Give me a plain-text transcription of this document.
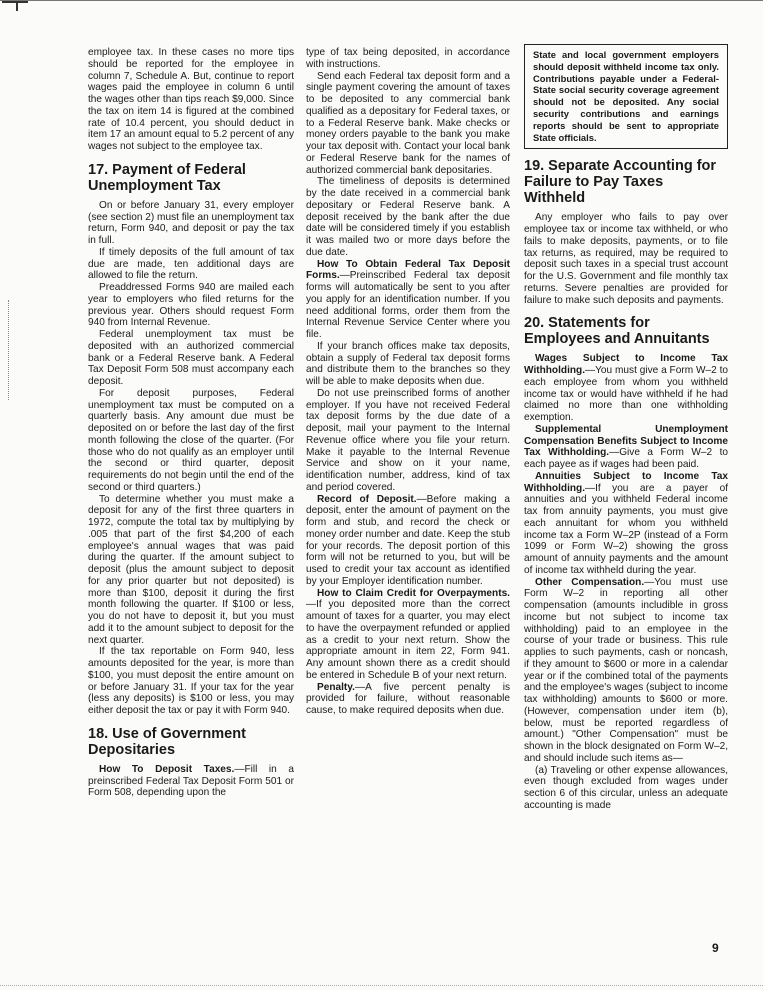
employee tax. In these cases no more tips should be reported for the employee in column 7, Schedule A. But, continue to report wages paid the employee in column 6 until the wages other than tips reach $9,000. Since the tax on item 14 is figured at the combined rate of 10.4 percent, you should deduct in item 17 an amount equal to 5.2 percent of any wages not subject to the employee tax.

17. Payment of Federal Unemployment Tax

On or before January 31, every employer (see section 2) must file an unemployment tax return, Form 940, and deposit or pay the tax in full.

If timely deposits of the full amount of tax due are made, ten additional days are allowed to file the return.

Preaddressed Forms 940 are mailed each year to employers who filed returns for the previous year. Others should request Form 940 from Internal Revenue.

Federal unemployment tax must be deposited with an authorized commercial bank or a Federal Reserve bank. A Federal Tax Deposit Form 508 must accompany each deposit.

For deposit purposes, Federal unemployment tax must be computed on a quarterly basis. Any amount due must be deposited on or before the last day of the first month following the close of the quarter. (For those who do not qualify as an employer until the second or third quarter, deposit requirements do not begin until the end of the second or third quarters.)

To determine whether you must make a deposit for any of the first three quarters in 1972, compute the total tax by multiplying by .005 that part of the first $4,200 of each employee's annual wages that was paid during the quarter. If the amount subject to deposit (plus the amount subject to deposit for any prior quarter but not deposited) is more than $100, deposit it during the first month following the quarter. If $100 or less, you do not have to deposit it, but you must add it to the amount subject to deposit for the next quarter.

If the tax reportable on Form 940, less amounts deposited for the year, is more than $100, you must deposit the entire amount on or before January 31. If your tax for the year (less any deposits) is $100 or less, you may either deposit the tax or pay it with Form 940.

18. Use of Government Depositaries

How To Deposit Taxes.—Fill in a preinscribed Federal Tax Deposit Form 501 or Form 508, depending upon the

type of tax being deposited, in accordance with instructions.

Send each Federal tax deposit form and a single payment covering the amount of taxes to be deposited to any commercial bank qualified as a depositary for Federal taxes, or to a Federal Reserve bank. Make checks or money orders payable to the bank you make your tax deposit with. Contact your local bank or Federal Reserve bank for the names of authorized commercial bank depositaries.

The timeliness of deposits is determined by the date received in a commercial bank depositary or Federal Reserve bank. A deposit received by the bank after the due date will be considered timely if you establish it was mailed two or more days before the due date.

How To Obtain Federal Tax Deposit Forms.—Preinscribed Federal tax deposit forms will automatically be sent to you after you apply for an identification number. If you need additional forms, order them from the Internal Revenue Service Center where you file.

If your branch offices make tax deposits, obtain a supply of Federal tax deposit forms and distribute them to the branches so they will be able to make deposits when due.

Do not use preinscribed forms of another employer. If you have not received Federal tax deposit forms by the due date of a deposit, mail your payment to the Internal Revenue office where you file your return. Make it payable to the Internal Revenue Service and show on it your name, identification number, address, kind of tax and period covered.

Record of Deposit.—Before making a deposit, enter the amount of payment on the form and stub, and record the check or money order number and date. Keep the stub for your records. The deposit portion of this form will not be returned to you, but will be used to credit your tax account as identified by your Employer identification number.

How to Claim Credit for Overpayments.—If you deposited more than the correct amount of taxes for a quarter, you may elect to have the overpayment refunded or applied as a credit to your next return. Show the appropriate amount in item 22, Form 941. Any amount shown there as a credit should be entered in Schedule B of your next return.

Penalty.—A five percent penalty is provided for failure, without reasonable cause, to make required deposits when due.

State and local government employers should deposit withheld income tax only. Contributions payable under a Federal-State social security coverage agreement should not be deposited. Any social security contributions and earnings reports should be sent to appropriate State officials.
19. Separate Accounting for Failure to Pay Taxes Withheld

Any employer who fails to pay over employee tax or income tax withheld, or who fails to make deposits, payments, or to file tax returns, as required, may be required to deposit such taxes in a special trust account for the U.S. Government and file monthly tax returns. Severe penalties are provided for failure to make such deposits and payments.

20. Statements for Employees and Annuitants

Wages Subject to Income Tax Withholding.—You must give a Form W–2 to each employee from whom you withheld income tax or would have withheld if he had claimed no more than one withholding exemption.

Supplemental Unemployment Compensation Benefits Subject to Income Tax Withholding.—Give a Form W–2 to each payee as if wages had been paid.

Annuities Subject to Income Tax Withholding.—If you are a payer of annuities and you withheld Federal income tax from annuity payments, you must give each annuitant for whom you withheld income tax a Form W–2P (instead of a Form 1099 or Form W–2) showing the gross amount of annuity payments and the amount of income tax withheld during the year.

Other Compensation.—You must use Form W–2 in reporting all other compensation (amounts includible in gross income but not subject to income tax withholding) paid to an employee in the course of your trade or business. This rule applies to such payments, cash or noncash, if they amount to $600 or more in a calendar year or if the combined total of the payments and the employee's wages (subject to income tax withholding) amounts to $600 or more. (However, compensation under item (b), below, must be reported regardless of amount.) "Other Compensation" must be shown in the block designated on Form W–2, and should include such items as—

(a) Traveling or other expense allowances, even though excluded from wages under section 6 of this circular, unless an adequate accounting is made

9
